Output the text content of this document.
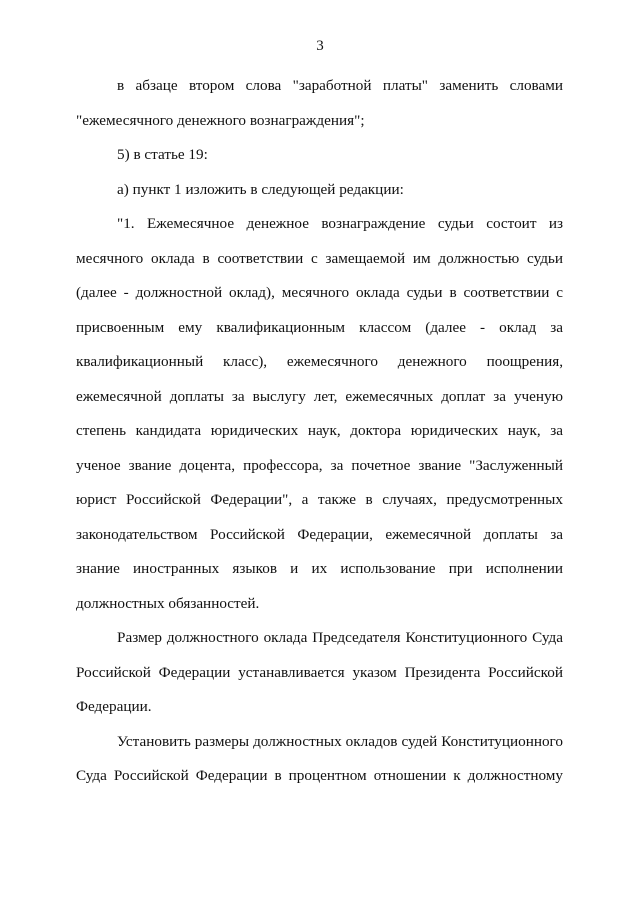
3
в абзаце втором слова "заработной платы" заменить словами
"ежемесячного денежного вознаграждения";
5) в статье 19:
а) пункт 1 изложить в следующей редакции:
"1. Ежемесячное денежное вознаграждение судьи состоит из
месячного оклада в соответствии с замещаемой им должностью судьи
(далее - должностной оклад), месячного оклада судьи в соответствии с
присвоенным ему квалификационным классом (далее - оклад за
квалификационный класс), ежемесячного денежного поощрения,
ежемесячной доплаты за выслугу лет, ежемесячных доплат за ученую
степень кандидата юридических наук, доктора юридических наук, за
ученое звание доцента, профессора, за почетное звание "Заслуженный
юрист Российской Федерации", а также в случаях, предусмотренных
законодательством Российской Федерации, ежемесячной доплаты за
знание иностранных языков и их использование при исполнении
должностных обязанностей.
Размер должностного оклада Председателя Конституционного Суда
Российской Федерации устанавливается указом Президента Российской
Федерации.
Установить размеры должностных окладов судей Конституционного
Суда Российской Федерации в процентном отношении к должностному
